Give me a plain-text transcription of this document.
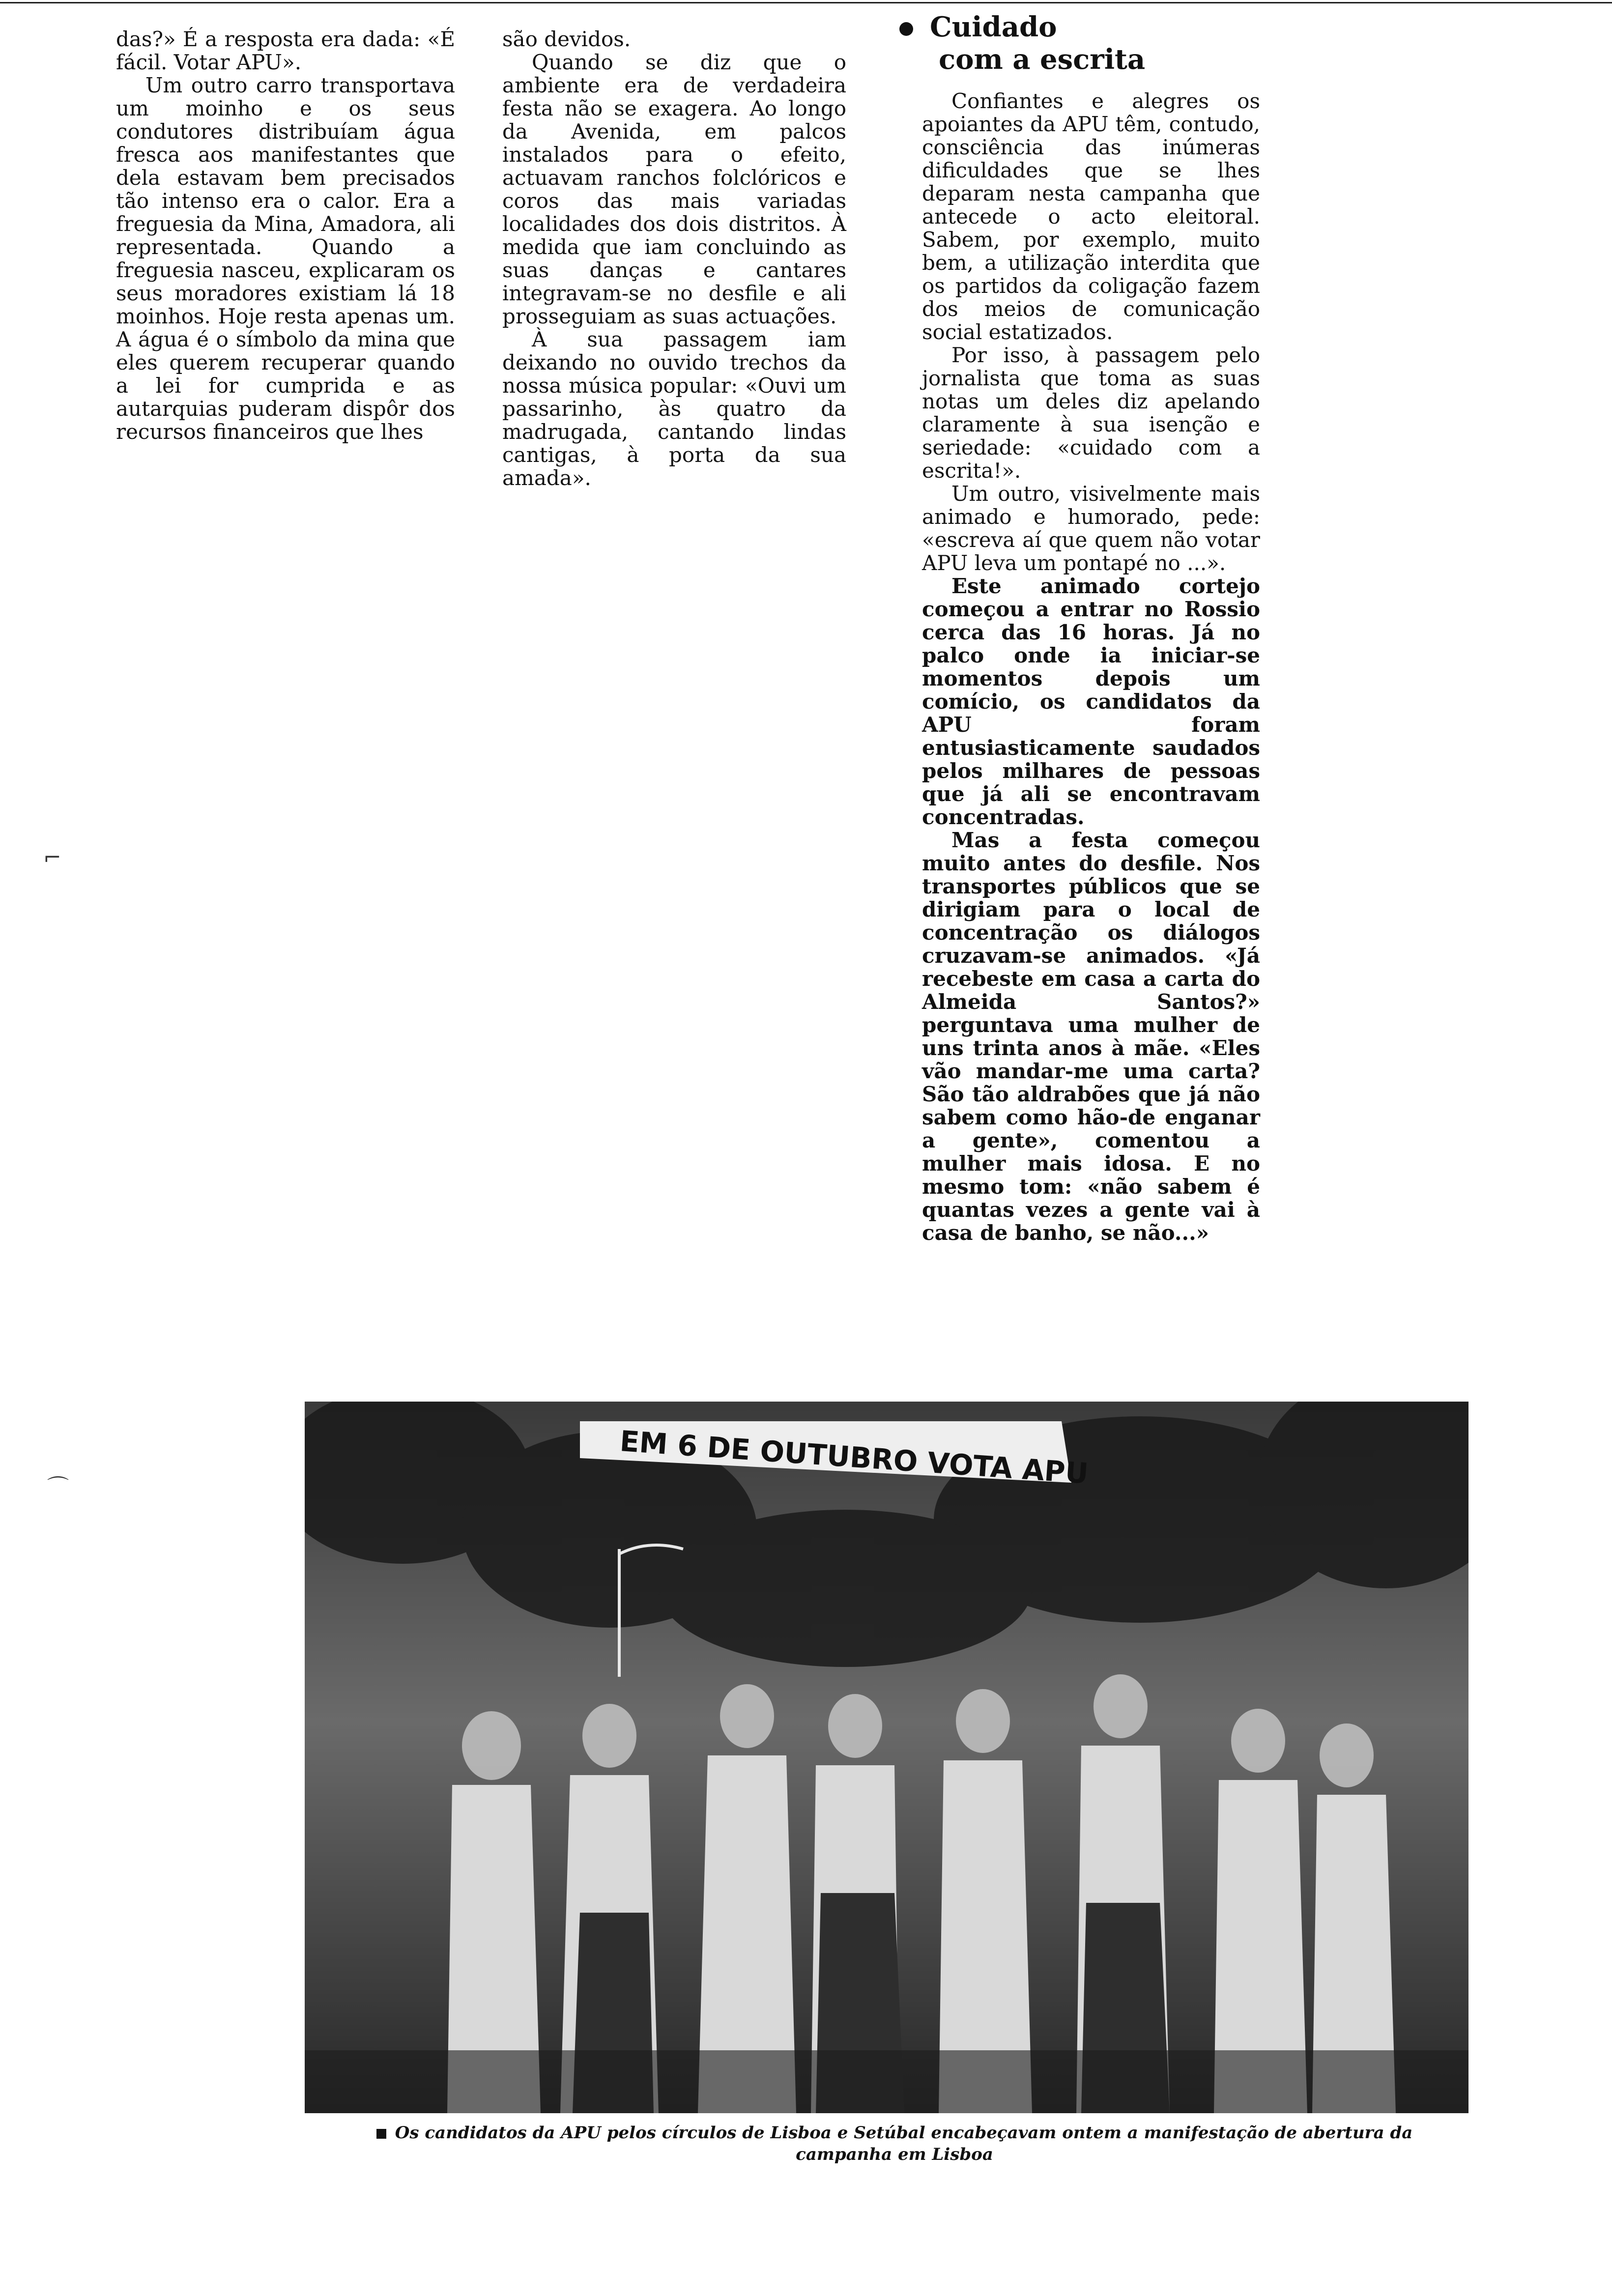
das?» É a resposta era dada: «É fácil. Votar APU».

Um outro carro transportava um moinho e os seus condutores distribuíam água fresca aos manifestantes que dela estavam bem precisados tão intenso era o calor. Era a freguesia da Mina, Amadora, ali representada. Quando a freguesia nasceu, explicaram os seus moradores existiam lá 18 moinhos. Hoje resta apenas um. A água é o símbolo da mina que eles querem recuperar quando a lei for cumprida e as autarquias puderam dispôr dos recursos financeiros que lhes

são devidos.

Quando se diz que o ambiente era de verdadeira festa não se exagera. Ao longo da Avenida, em palcos instalados para o efeito, actuavam ranchos folclóricos e coros das mais variadas localidades dos dois distritos. À medida que iam concluindo as suas danças e cantares integravam-se no desfile e ali prosseguiam as suas actuações.

À sua passagem iam deixando no ouvido trechos da nossa música popular: «Ouvi um passarinho, às quatro da madrugada, cantando lindas cantigas, à porta da sua amada».

Cuidado
com a escrita

Confiantes e alegres os apoiantes da APU têm, contudo, consciência das inúmeras dificuldades que se lhes deparam nesta campanha que antecede o acto eleitoral. Sabem, por exemplo, muito bem, a utilização interdita que os partidos da coligação fazem dos meios de comunicação social estatizados.

Por isso, à passagem pelo jornalista que toma as suas notas um deles diz apelando claramente à sua isenção e seriedade: «cuidado com a escrita!».

Um outro, visivelmente mais animado e humorado, pede: «escreva aí que quem não votar APU leva um pontapé no ...».

Este animado cortejo começou a entrar no Rossio cerca das 16 horas. Já no palco onde ia iniciar-se momentos depois um comício, os candidatos da APU foram entusiasticamente saudados pelos milhares de pessoas que já ali se encontravam concentradas.

Mas a festa começou muito antes do desfile. Nos transportes públicos que se dirigiam para o local de concentração os diálogos cruzavam-se animados. «Já recebeste em casa a carta do Almeida Santos?» perguntava uma mulher de uns trinta anos à mãe. «Eles vão mandar-me uma carta? São tão aldrabões que já não sabem como hão-de enganar a gente», comentou a mulher mais idosa. E no mesmo tom: «não sabem é quantas vezes a gente vai à casa de banho, se não...»

EM 6 DE OUTUBRO VOTA APU
Os candidatos da APU pelos círculos de Lisboa e Setúbal encabeçavam ontem a manifestação de abertura da
campanha em Lisboa
⌐
⌒
